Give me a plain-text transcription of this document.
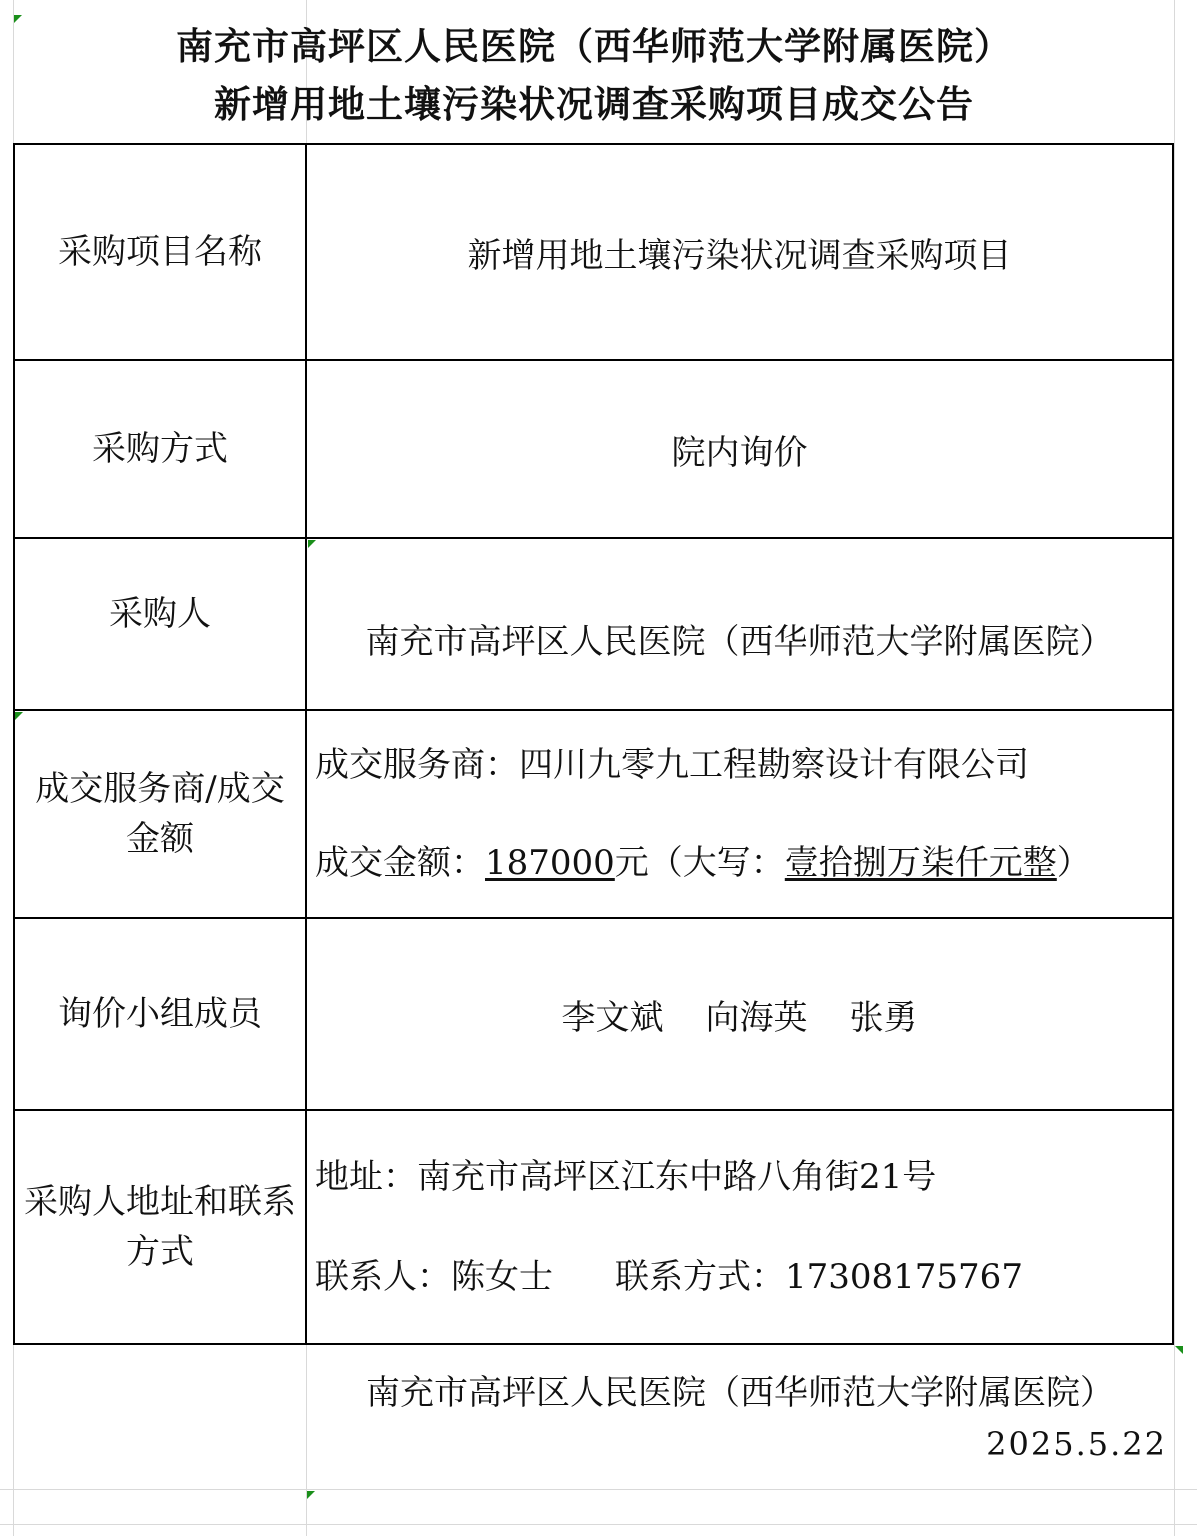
南充市高坪区人民医院（西华师范大学附属医院）
新增用地土壤污染状况调查采购项目成交公告
采购项目名称	新增用地土壤污染状况调查采购项目
采购方式	院内询价

采购人	南充市高坪区人民医院（西华师范大学附属医院）

成交服务商/成交金额	成交服务商：四川九零九工程勘察设计有限公司
成交金额：187000元（大写：壹拾捌万柒仟元整）

询价小组成员	李文斌 向海英 张勇

采购人地址和联系方式	地址：南充市高坪区江东中路八角街21号
联系人：陈女士 联系方式：17308175767
南充市高坪区人民医院（西华师范大学附属医院）
2025.5.22
